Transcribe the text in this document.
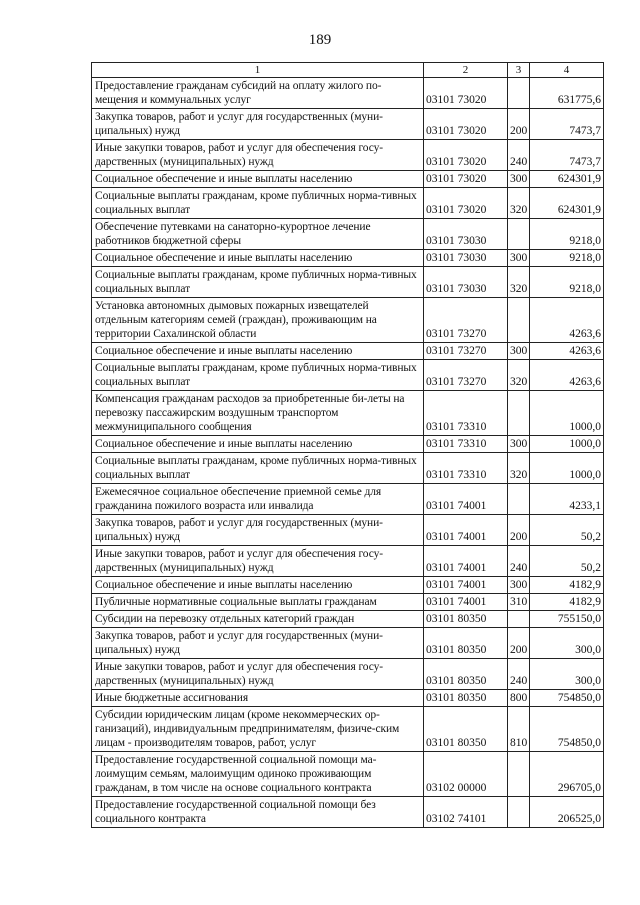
189
1	2	3	4
Предоставление гражданам субсидий на оплату жилого по-мещения и коммунальных услуг	03101 73020		631775,6
Закупка товаров, работ и услуг для государственных (муни-ципальных) нужд	03101 73020	200	7473,7
Иные закупки товаров, работ и услуг для обеспечения госу-дарственных (муниципальных) нужд	03101 73020	240	7473,7
Социальное обеспечение и иные выплаты населению	03101 73020	300	624301,9
Социальные выплаты гражданам, кроме публичных норма-тивных социальных выплат	03101 73020	320	624301,9
Обеспечение путевками на санаторно-курортное лечение работников бюджетной сферы	03101 73030		9218,0
Социальное обеспечение и иные выплаты населению	03101 73030	300	9218,0
Социальные выплаты гражданам, кроме публичных норма-тивных социальных выплат	03101 73030	320	9218,0
Установка автономных дымовых пожарных извещателей отдельным категориям семей (граждан), проживающим на территории Сахалинской области	03101 73270		4263,6
Социальное обеспечение и иные выплаты населению	03101 73270	300	4263,6
Социальные выплаты гражданам, кроме публичных норма-тивных социальных выплат	03101 73270	320	4263,6
Компенсация гражданам расходов за приобретенные би-леты на перевозку пассажирским воздушным транспортом межмуниципального сообщения	03101 73310		1000,0
Социальное обеспечение и иные выплаты населению	03101 73310	300	1000,0
Социальные выплаты гражданам, кроме публичных норма-тивных социальных выплат	03101 73310	320	1000,0
Ежемесячное социальное обеспечение приемной семье для гражданина пожилого возраста или инвалида	03101 74001		4233,1
Закупка товаров, работ и услуг для государственных (муни-ципальных) нужд	03101 74001	200	50,2
Иные закупки товаров, работ и услуг для обеспечения госу-дарственных (муниципальных) нужд	03101 74001	240	50,2
Социальное обеспечение и иные выплаты населению	03101 74001	300	4182,9
Публичные нормативные социальные выплаты гражданам	03101 74001	310	4182,9
Субсидии на перевозку отдельных категорий граждан	03101 80350		755150,0
Закупка товаров, работ и услуг для государственных (муни-ципальных) нужд	03101 80350	200	300,0
Иные закупки товаров, работ и услуг для обеспечения госу-дарственных (муниципальных) нужд	03101 80350	240	300,0
Иные бюджетные ассигнования	03101 80350	800	754850,0
Субсидии юридическим лицам (кроме некоммерческих ор-ганизаций), индивидуальным предпринимателям, физиче-ским лицам - производителям товаров, работ, услуг	03101 80350	810	754850,0
Предоставление государственной социальной помощи ма-лоимущим семьям, малоимущим одиноко проживающим гражданам, в том числе на основе социального контракта	03102 00000		296705,0
Предоставление государственной социальной помощи без социального контракта	03102 74101		206525,0
